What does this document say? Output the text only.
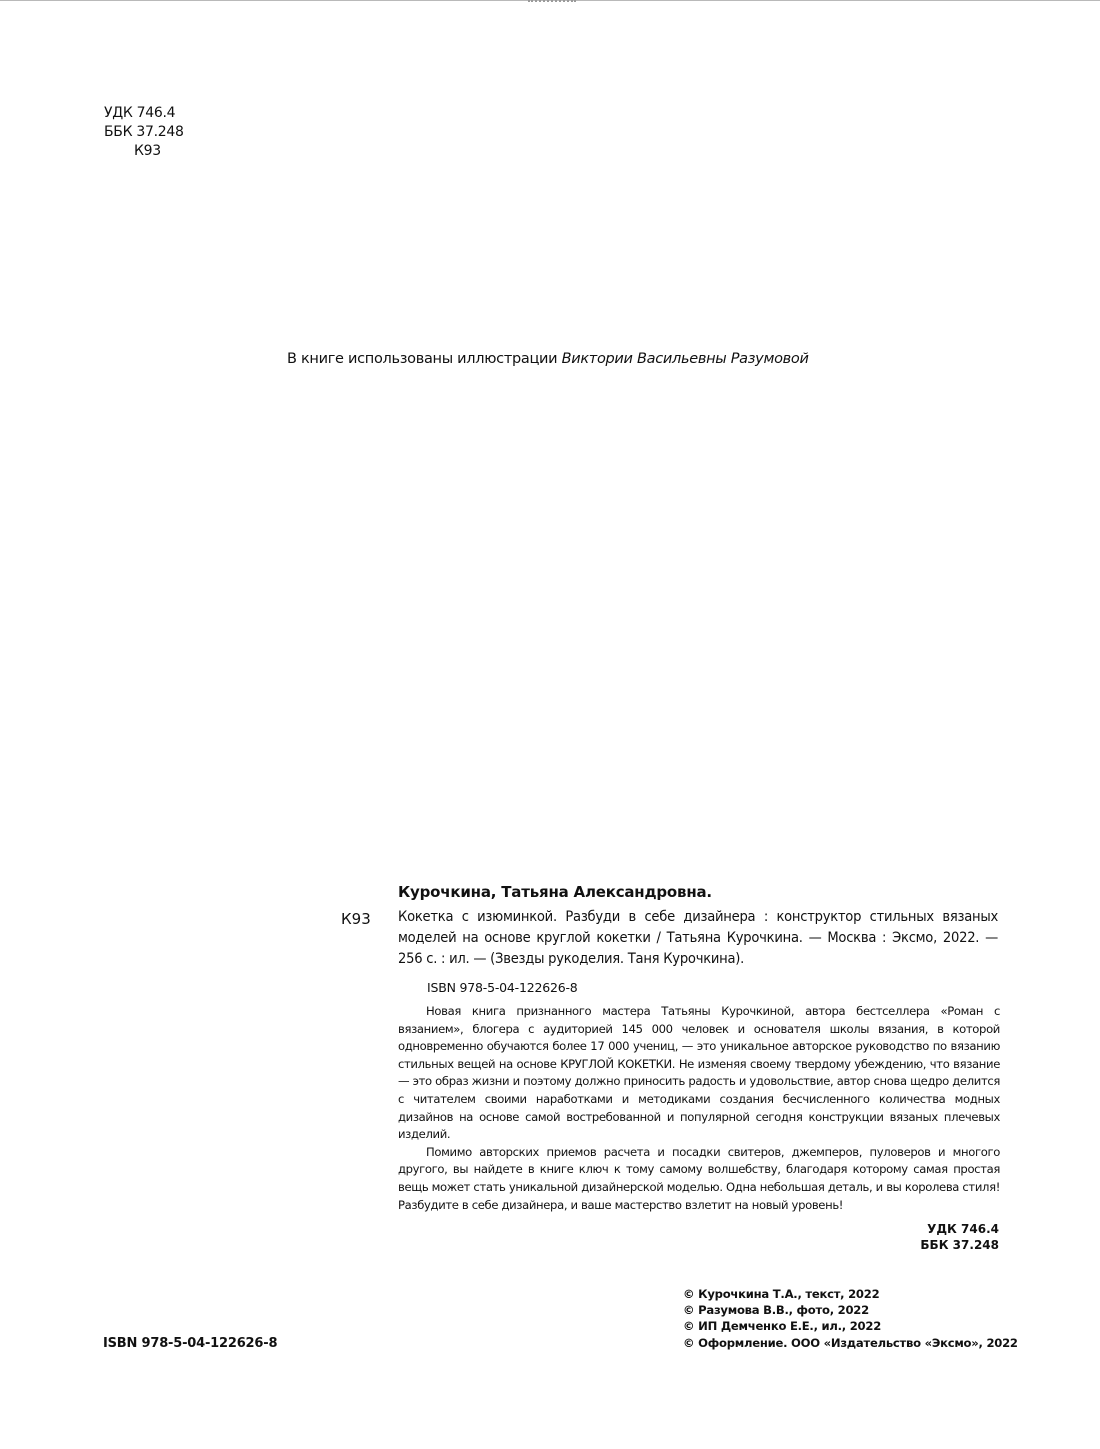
УДК 746.4
ББК 37.248
К93
В книге использованы иллюстрации Виктории Васильевны Разумовой
Курочкина, Татьяна Александровна.
К93 Кокетка с изюминкой. Разбуди в себе дизайнера : конструктор стильных вязаных моделей на основе круглой кокетки / Татьяна Курочкина. — Москва : Эксмо, 2022. — 256 с. : ил. — (Звезды рукоделия. Таня Курочкина).
ISBN 978-5-04-122626-8

Новая книга признанного мастера Татьяны Курочкиной, автора бестселлера «Роман с вязанием», блогера с аудиторией 145 000 человек и основателя школы вязания, в которой одновременно обучаются более 17 000 учениц, — это уникальное авторское руководство по вязанию стильных вещей на основе КРУГЛОЙ КОКЕТКИ. Не изменяя своему твердому убеждению, что вязание — это образ жизни и поэтому должно приносить радость и удовольствие, автор снова щедро делится с читателем своими наработками и методиками создания бесчисленного количества модных дизайнов на основе самой востребованной и популярной сегодня конструкции вязаных плечевых изделий.

Помимо авторских приемов расчета и посадки свитеров, джемперов, пуловеров и многого другого, вы найдете в книге ключ к тому самому волшебству, благодаря которому самая простая вещь может стать уникальной дизайнерской моделью. Одна небольшая деталь, и вы королева стиля! Разбудите в себе дизайнера, и ваше мастерство взлетит на новый уровень!

УДК 746.4
ББК 37.248
ISBN 978-5-04-122626-8
© Курочкина Т.А., текст, 2022
© Разумова В.В., фото, 2022
© ИП Демченко Е.Е., ил., 2022
© Оформление. ООО «Издательство «Эксмо», 2022
